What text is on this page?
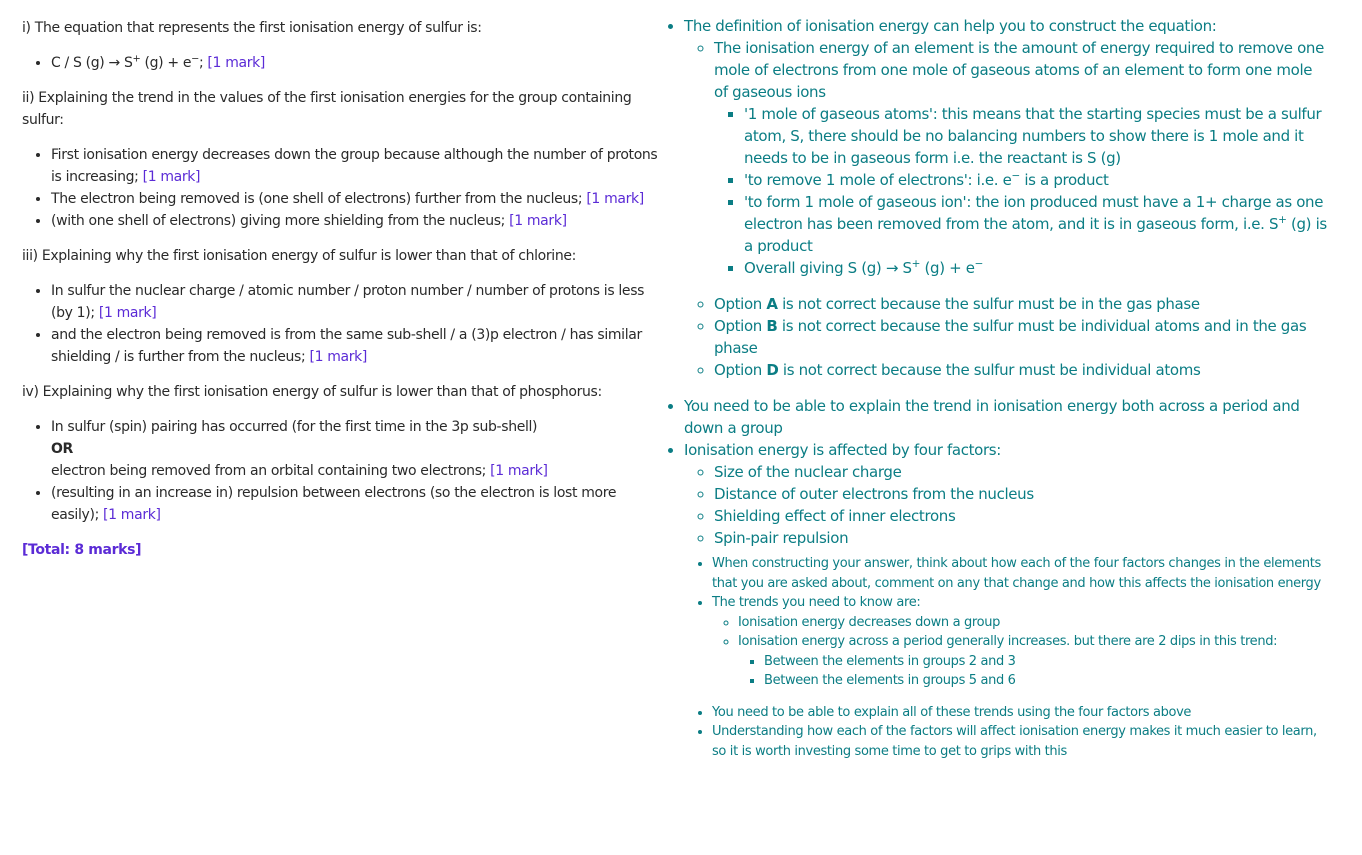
i) The equation that represents the first ionisation energy of sulfur is:

• C / S (g) → S+ (g) + e−; [1 mark]

ii) Explaining the trend in the values of the first ionisation energies for the group containing sulfur:

• First ionisation energy decreases down the group because although the number of protons is increasing; [1 mark]
• The electron being removed is (one shell of electrons) further from the nucleus; [1 mark]
• (with one shell of electrons) giving more shielding from the nucleus; [1 mark]

iii) Explaining why the first ionisation energy of sulfur is lower than that of chlorine:

• In sulfur the nuclear charge / atomic number / proton number / number of protons is less (by 1); [1 mark]
• and the electron being removed is from the same sub-shell / a (3)p electron / has similar shielding / is further from the nucleus; [1 mark]

iv) Explaining why the first ionisation energy of sulfur is lower than that of phosphorus:

• In sulfur (spin) pairing has occurred (for the first time in the 3p sub-shell)
OR
electron being removed from an orbital containing two electrons; [1 mark]
• (resulting in an increase in) repulsion between electrons (so the electron is lost more easily); [1 mark]

[Total: 8 marks]

• The definition of ionisation energy can help you to construct the equation:
◦ The ionisation energy of an element is the amount of energy required to remove one mole of electrons from one mole of gaseous atoms of an element to form one mole of gaseous ions
▪ '1 mole of gaseous atoms': this means that the starting species must be a sulfur atom, S, there should be no balancing numbers to show there is 1 mole and it needs to be in gaseous form i.e. the reactant is S (g)
▪ 'to remove 1 mole of electrons': i.e. e− is a product
▪ 'to form 1 mole of gaseous ion': the ion produced must have a 1+ charge as one electron has been removed from the atom, and it is in gaseous form, i.e. S+ (g) is a product
▪ Overall giving S (g) → S+ (g) + e−
◦ Option A is not correct because the sulfur must be in the gas phase
◦ Option B is not correct because the sulfur must be individual atoms and in the gas phase
◦ Option D is not correct because the sulfur must be individual atoms
• You need to be able to explain the trend in ionisation energy both across a period and down a group
• Ionisation energy is affected by four factors:
◦ Size of the nuclear charge
◦ Distance of outer electrons from the nucleus
◦ Shielding effect of inner electrons
◦ Spin-pair repulsion
• When constructing your answer, think about how each of the four factors changes in the elements that you are asked about, comment on any that change and how this affects the ionisation energy
• The trends you need to know are:
◦ Ionisation energy decreases down a group
◦ Ionisation energy across a period generally increases. but there are 2 dips in this trend:
▪ Between the elements in groups 2 and 3
▪ Between the elements in groups 5 and 6
• You need to be able to explain all of these trends using the four factors above
• Understanding how each of the factors will affect ionisation energy makes it much easier to learn, so it is worth investing some time to get to grips with this
